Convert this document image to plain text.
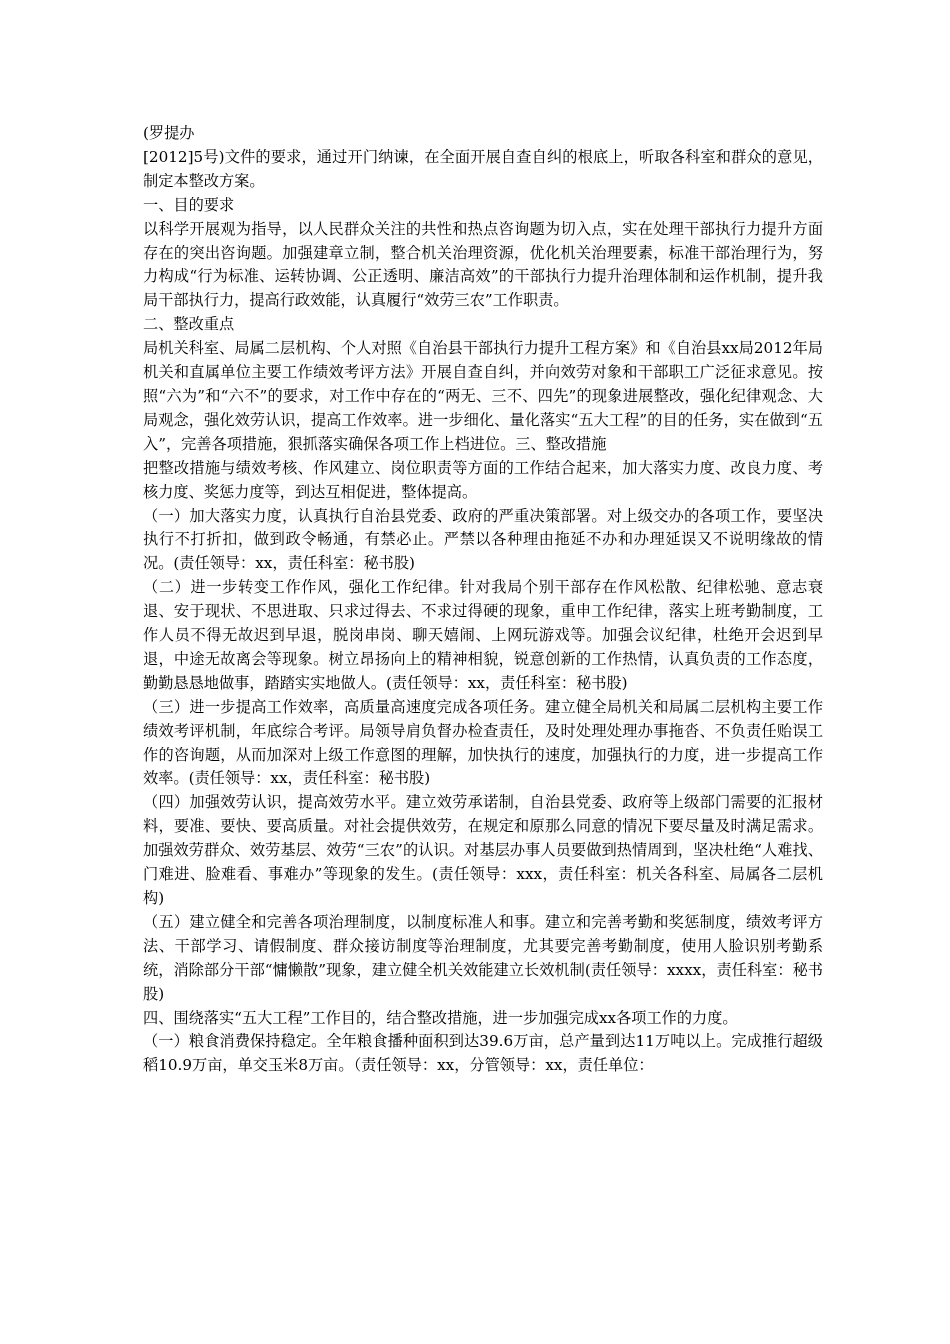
(罗提办

[2012]5号)文件的要求，通过开门纳谏，在全面开展自查自纠的根底上，听取各科室和群众的意见，制定本整改方案。

一、目的要求

以科学开展观为指导，以人民群众关注的共性和热点咨询题为切入点，实在处理干部执行力提升方面存在的突出咨询题。加强建章立制，整合机关治理资源，优化机关治理要素，标准干部治理行为，努力构成“行为标准、运转协调、公正透明、廉洁高效”的干部执行力提升治理体制和运作机制，提升我局干部执行力，提高行政效能，认真履行“效劳三农”工作职责。

二、整改重点

局机关科室、局属二层机构、个人对照《自治县干部执行力提升工程方案》和《自治县xx局2012年局机关和直属单位主要工作绩效考评方法》开展自查自纠，并向效劳对象和干部职工广泛征求意见。按照“六为”和“六不”的要求，对工作中存在的“两无、三不、四先”的现象进展整改，强化纪律观念、大局观念，强化效劳认识，提高工作效率。进一步细化、量化落实“五大工程”的目的任务，实在做到“五入”，完善各项措施，狠抓落实确保各项工作上档进位。三、整改措施

把整改措施与绩效考核、作风建立、岗位职责等方面的工作结合起来，加大落实力度、改良力度、考核力度、奖惩力度等，到达互相促进，整体提高。

（一）加大落实力度，认真执行自治县党委、政府的严重决策部署。对上级交办的各项工作，要坚决执行不打折扣，做到政令畅通，有禁必止。严禁以各种理由拖延不办和办理延误又不说明缘故的情况。(责任领导：xx，责任科室：秘书股)

（二）进一步转变工作作风，强化工作纪律。针对我局个别干部存在作风松散、纪律松驰、意志衰退、安于现状、不思进取、只求过得去、不求过得硬的现象，重申工作纪律，落实上班考勤制度，工作人员不得无故迟到早退，脱岗串岗、聊天嬉闹、上网玩游戏等。加强会议纪律，杜绝开会迟到早退，中途无故离会等现象。树立昂扬向上的精神相貌，锐意创新的工作热情，认真负责的工作态度，勤勤恳恳地做事，踏踏实实地做人。(责任领导：xx，责任科室：秘书股)

（三）进一步提高工作效率，高质量高速度完成各项任务。建立健全局机关和局属二层机构主要工作绩效考评机制，年底综合考评。局领导肩负督办检查责任，及时处理处理办事拖沓、不负责任贻误工作的咨询题，从而加深对上级工作意图的理解，加快执行的速度，加强执行的力度，进一步提高工作效率。(责任领导：xx，责任科室：秘书股)

（四）加强效劳认识，提高效劳水平。建立效劳承诺制，自治县党委、政府等上级部门需要的汇报材料，要准、要快、要高质量。对社会提供效劳，在规定和原那么同意的情况下要尽量及时满足需求。加强效劳群众、效劳基层、效劳“三农”的认识。对基层办事人员要做到热情周到，坚决杜绝“人难找、门难进、脸难看、事难办”等现象的发生。(责任领导：xxx，责任科室：机关各科室、局属各二层机构)

（五）建立健全和完善各项治理制度，以制度标准人和事。建立和完善考勤和奖惩制度，绩效考评方法、干部学习、请假制度、群众接访制度等治理制度，尤其要完善考勤制度，使用人脸识别考勤系统，消除部分干部“慵懒散”现象，建立健全机关效能建立长效机制(责任领导：xxxx，责任科室：秘书股)

四、围绕落实“五大工程”工作目的，结合整改措施，进一步加强完成xx各项工作的力度。

（一）粮食消费保持稳定。全年粮食播种面积到达39.6万亩，总产量到达11万吨以上。完成推行超级稻10.9万亩，单交玉米8万亩。（责任领导：xx，分管领导：xx，责任单位：
